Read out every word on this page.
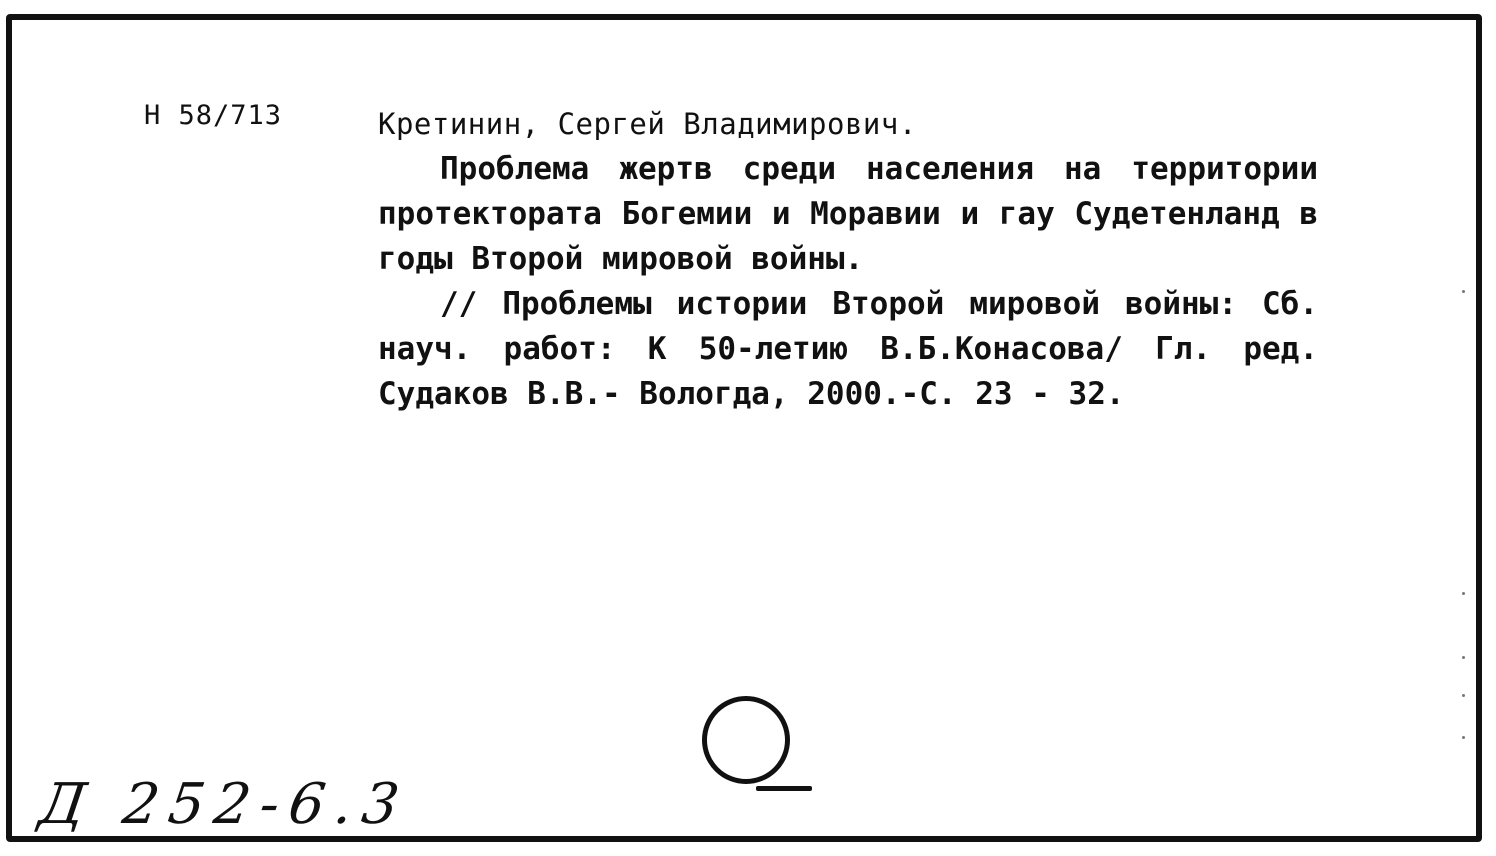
Н 58/713	Кретинин, Сергей Владимирович.
Проблема жертв среди населения на территории протектората Богемии и Моравии и гау Судетенланд в годы Второй мировой войны.
// Проблемы истории Второй мировой войны: Сб. науч. работ: К 50-летию В.Б.Конасова/ Гл. ред. Судаков В.В.- Вологда, 2000.-С. 23 - 32.
Д 252-6.3
